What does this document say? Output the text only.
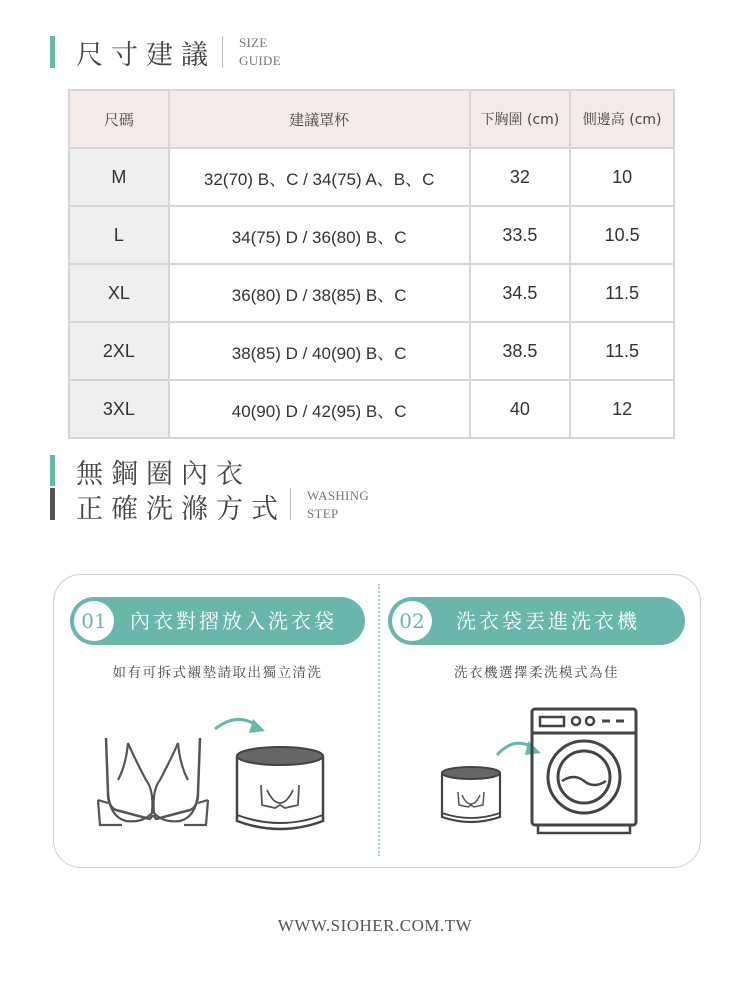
尺寸建議 SIZE
GUIDE
尺碼	建議罩杯	下胸圍 (cm)	側邊高 (cm)
M	32(70) B、C / 34(75) A、B、C	32	10
L	34(75) D / 36(80) B、C	33.5	10.5
XL	36(80) D / 38(85) B、C	34.5	11.5
2XL	38(85) D / 40(90) B、C	38.5	11.5
3XL	40(90) D / 42(95) B、C	40	12
無鋼圈內衣
正確洗滌方式 WASHING
STEP
01	內衣對摺放入洗衣袋
如有可拆式襯墊請取出獨立清洗
02	洗衣袋丟進洗衣機
洗衣機選擇柔洗模式為佳
WWW.SIOHER.COM.TW
